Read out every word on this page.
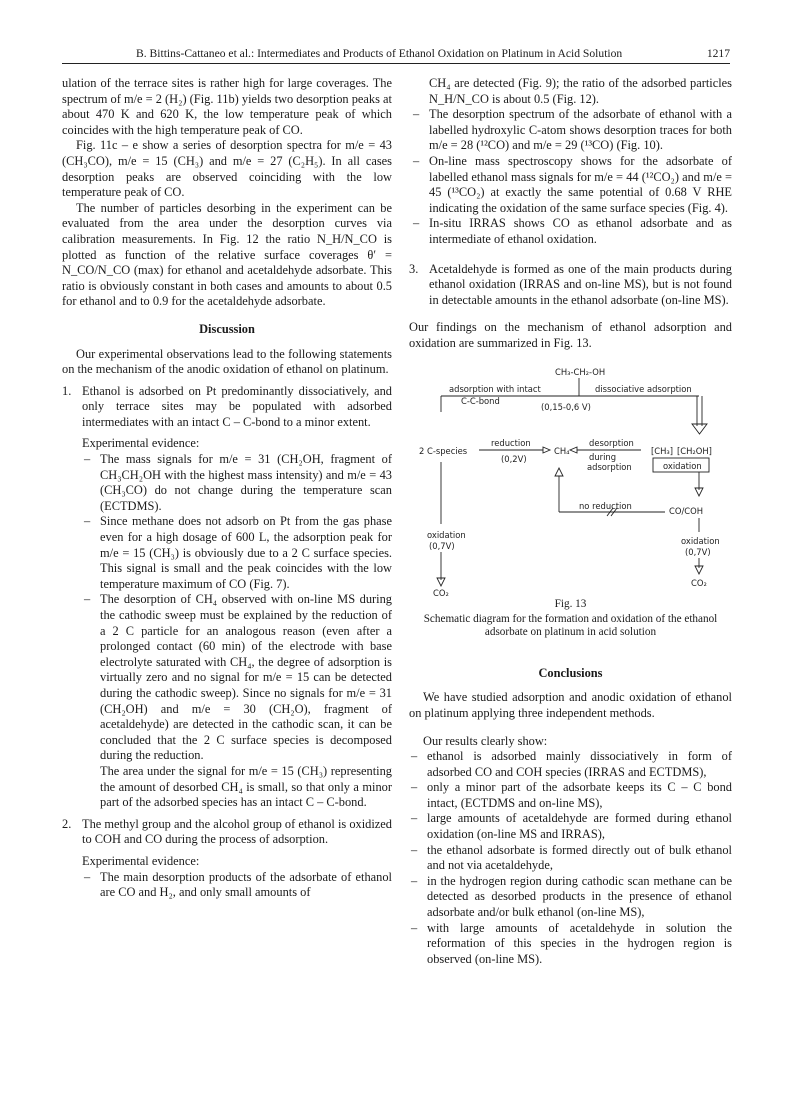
B. Bittins-Cattaneo et al.: Intermediates and Products of Ethanol Oxidation on Platinum in Acid Solution	1217

ulation of the terrace sites is rather high for large coverages. The spectrum of m/e = 2 (H₂) (Fig. 11b) yields two desorption peaks at about 470 K and 620 K, the low temperature peak of which coincides with the high temperature peak of CO.

Fig. 11c – e show a series of desorption spectra for m/e = 43 (CH₃CO), m/e = 15 (CH₃) and m/e = 27 (C₂H₅). In all cases desorption peaks are observed coinciding with the low temperature peak of CO.

The number of particles desorbing in the experiment can be evaluated from the area under the desorption curves via calibration measurements. In Fig. 12 the ratio N_H/N_CO is plotted as function of the relative surface coverages θ′ = N_CO/N_CO (max) for ethanol and acetaldehyde adsorbate. This ratio is obviously constant in both cases and amounts to about 0.5 for ethanol and to 0.9 for the acetaldehyde adsorbate.

Discussion

Our experimental observations lead to the following statements on the mechanism of the anodic oxidation of ethanol on platinum.

1. Ethanol is adsorbed on Pt predominantly dissociatively, and only terrace sites may be populated with adsorbed intermediates with an intact C – C-bond to a minor extent.
Experimental evidence:
– The mass signals for m/e = 31 (CH₂OH, fragment of CH₃CH₂OH with the highest mass intensity) and m/e = 43 (CH₃CO) do not change during the temperature scan (ECTDMS).
– Since methane does not adsorb on Pt from the gas phase even for a high dosage of 600 L, the adsorption peak for m/e = 15 (CH₃) is obviously due to a 2 C surface species. This signal is small and the peak coincides with the low temperature maximum of CO (Fig. 7).
– The desorption of CH₄ observed with on-line MS during the cathodic sweep must be explained by the reduction of a 2 C particle for an analogous reason (even after a prolonged contact (60 min) of the electrode with base electrolyte saturated with CH₄, the degree of adsorption is virtually zero and no signal for m/e = 15 can be detected during the cathodic sweep). Since no signals for m/e = 31 (CH₂OH) and m/e = 30 (CH₂O), fragment of acetaldehyde) are detected in the cathodic scan, it can be concluded that the 2 C surface species is decomposed during the reduction.
The area under the signal for m/e = 15 (CH₃) representing the amount of desorbed CH₄ is small, so that only a minor part of the adsorbed species has an intact C – C-bond.
2. The methyl group and the alcohol group of ethanol is oxidized to COH and CO during the process of adsorption.
Experimental evidence:
– The main desorption products of the adsorbate of ethanol are CO and H₂, and only small amounts of
CH₄ are detected (Fig. 9); the ratio of the adsorbed particles N_H/N_CO is about 0.5 (Fig. 12).
– The desorption spectrum of the adsorbate of ethanol with a labelled hydroxylic C-atom shows desorption traces for both m/e = 28 (¹²CO) and m/e = 29 (¹³CO) (Fig. 10).
– On-line mass spectroscopy shows for the adsorbate of labelled ethanol mass signals for m/e = 44 (¹²CO₂) and m/e = 45 (¹³CO₂) at exactly the same potential of 0.68 V RHE indicating the oxidation of the same surface species (Fig. 4).
– In-situ IRRAS shows CO as ethanol adsorbate and as intermediate of ethanol oxidation.
3. Acetaldehyde is formed as one of the main products during ethanol oxidation (IRRAS and on-line MS), but is not found in detectable amounts in the ethanol adsorbate (on-line MS).

Our findings on the mechanism of ethanol adsorption and oxidation are summarized in Fig. 13.

CH₃-CH₂-OH
adsorption with intact
C-C-bond
dissociative adsorption
(0,15-0,6 V)
2 C-species
reduction
(0,2V)
CH₄
desorption
during
adsorption
[CH₃] [CH₂OH]
oxidation
no reduction	CO/COH
oxidation
(0,7V)
CO₂
oxidation
(0,7V)
CO₂
Fig. 13
Schematic diagram for the formation and oxidation of the ethanol adsorbate on platinum in acid solution
Conclusions

We have studied adsorption and anodic oxidation of ethanol on platinum applying three independent methods.

Our results clearly show:

– ethanol is adsorbed mainly dissociatively in form of adsorbed CO and COH species (IRRAS and ECTDMS),
– only a minor part of the adsorbate keeps its C – C bond intact, (ECTDMS and on-line MS),
– large amounts of acetaldehyde are formed during ethanol oxidation (on-line MS and IRRAS),
– the ethanol adsorbate is formed directly out of bulk ethanol and not via acetaldehyde,
– in the hydrogen region during cathodic scan methane can be detected as desorbed products in the presence of ethanol adsorbate and/or bulk ethanol (on-line MS),
– with large amounts of acetaldehyde in solution the reformation of this species in the hydrogen region is observed (on-line MS).
